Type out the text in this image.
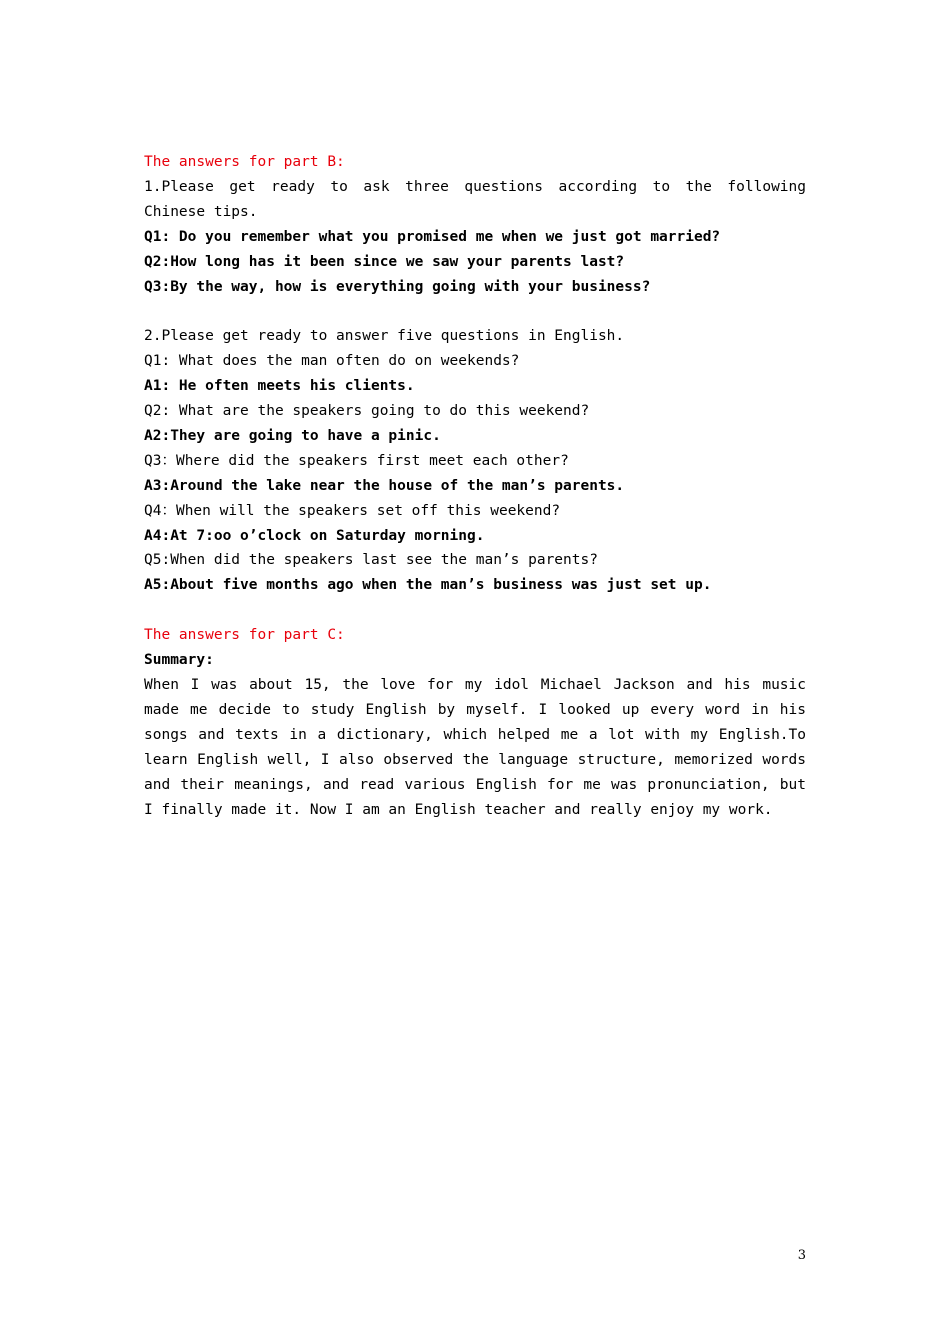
The answers for part B:

1.Please get ready to ask three questions according to the following Chinese tips.

Q1: Do you remember what you promised me when we just got married?

Q2:How long has it been since we saw your parents last?

Q3:By the way, how is everything going with your business?

2.Please get ready to answer five questions in English.

Q1: What does the man often do on weekends?

A1: He often meets his clients.

Q2: What are the speakers going to do this weekend?

A2:They are going to have a pinic.

Q3：Where did the speakers first meet each other?

A3:Around the lake near the house of the man’s parents.

Q4：When will the speakers set off this weekend?

A4:At 7:oo o’clock on Saturday morning.

Q5:When did the speakers last see the man’s parents?

A5:About five months ago when the man’s business was just set up.

The answers for part C:

Summary:

When I was about 15, the love for my idol Michael Jackson and his music made me decide to study English by myself. I looked up every word in his songs and texts in a dictionary, which helped me a lot with my English.To learn English well, I also observed the language structure, memorized words and their meanings, and read various English for me was pronunciation, but I finally made it. Now I am an English teacher and really enjoy my work.

3
